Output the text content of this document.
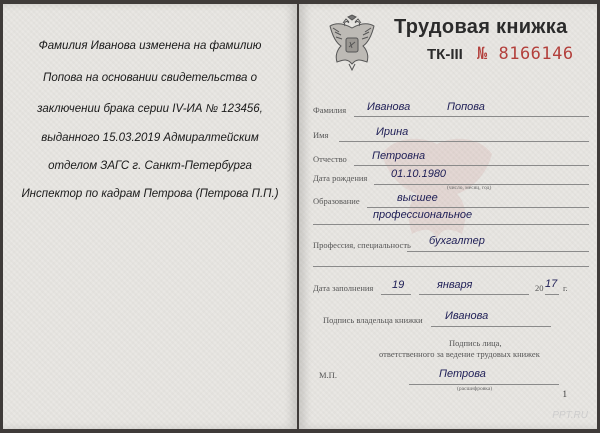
Фамилия Иванова изменена на фамилию
Попова на основании свидетельства о
заключении брака серии IV-ИА № 123456,
выданного 15.03.2019 Адмиралтейским
отделом ЗАГС г. Санкт-Петербурга
Инспектор по кадрам Петрова (Петрова П.П.)
Трудовая книжка
ТК-III № 8166146
Фамилия Иванова	Попова
Имя	Ирина
Отчество Петровна
Дата рождения 01.10.1980
(число, месяц, год)
Образование	высшее
профессиональное
Профессия, специальность бухгалтер
Дата заполнения 19	января	20 17 г.
Подпись владельца книжки Иванова
Подпись лица,
ответственного за ведение трудовых книжек
М.П.	Петрова
(расшифровка)	1
PPT.RU
